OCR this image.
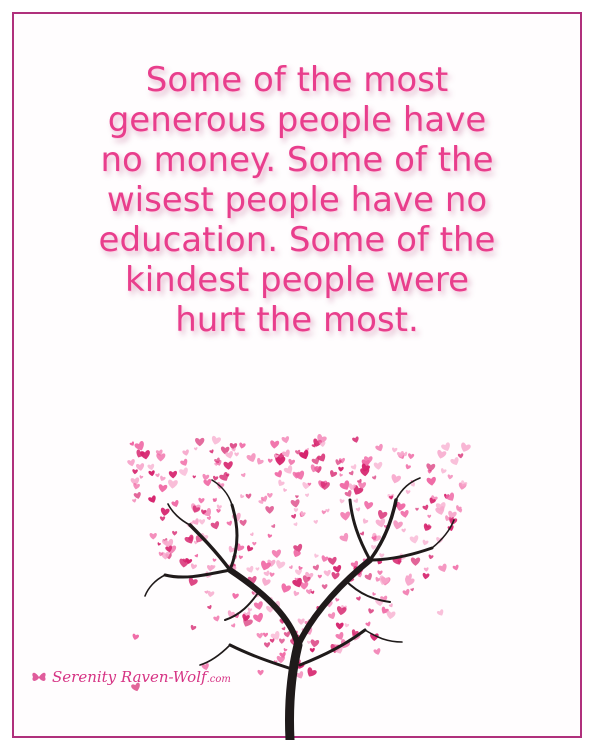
Some of the most
generous people have
no money. Some of the
wisest people have no
education. Some of the
kindest people were
hurt the most.
Serenity Raven-Wolf.com
